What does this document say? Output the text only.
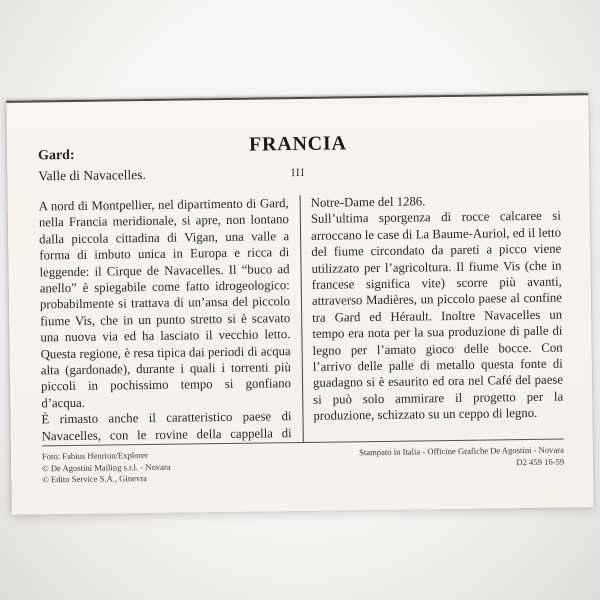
FRANCIA
Gard:
Valle di Navacelles.	III

A nord di Montpellier, nel dipartimento di Gard, nella Francia meridionale, si apre, non lontano dalla piccola cittadina di Vigan, una valle a forma di imbuto unica in Europa e ricca di leggende: il Cirque de Navacelles. Il “buco ad anello” è spiegabile come fatto idrogeologico: probabilmente si trattava di un’ansa del piccolo fiume Vis, che in un punto stretto si è scavato una nuova via ed ha lasciato il vecchio letto. Questa regione, è resa tipica dai periodi di acqua alta (gardonade), durante i quali i torrenti più piccoli in pochissimo tempo si gonfiano d’acqua.

È rimasto anche il caratteristico paese di Navacelles, con le rovine della cappella di Notre-Dame del 1286.

Sull’ultima sporgenza di rocce calcaree si arroccano le case di La Baume-Auriol, ed il letto del fiume circondato da pareti a picco viene utilizzato per l’agricoltura. Il fiume Vis (che in francese significa vite) scorre più avanti, attraverso Madières, un piccolo paese al confine tra Gard ed Hérault. Inoltre Navacelles un tempo era nota per la sua produzione di palle di legno per l’amato gioco delle bocce. Con l’arrivo delle palle di metallo questa fonte di guadagno si è esaurito ed ora nel Café del paese si può solo ammirare il progetto per la produzione, schizzato su un ceppo di legno.

Foto: Fabius Henrion/Explorer
© De Agostini Mailing s.r.l. - Novara
© Edito Service S.A., Ginevra
Stampato in Italia - Officine Grafiche De Agostini - Novara
D2 459 16-59
